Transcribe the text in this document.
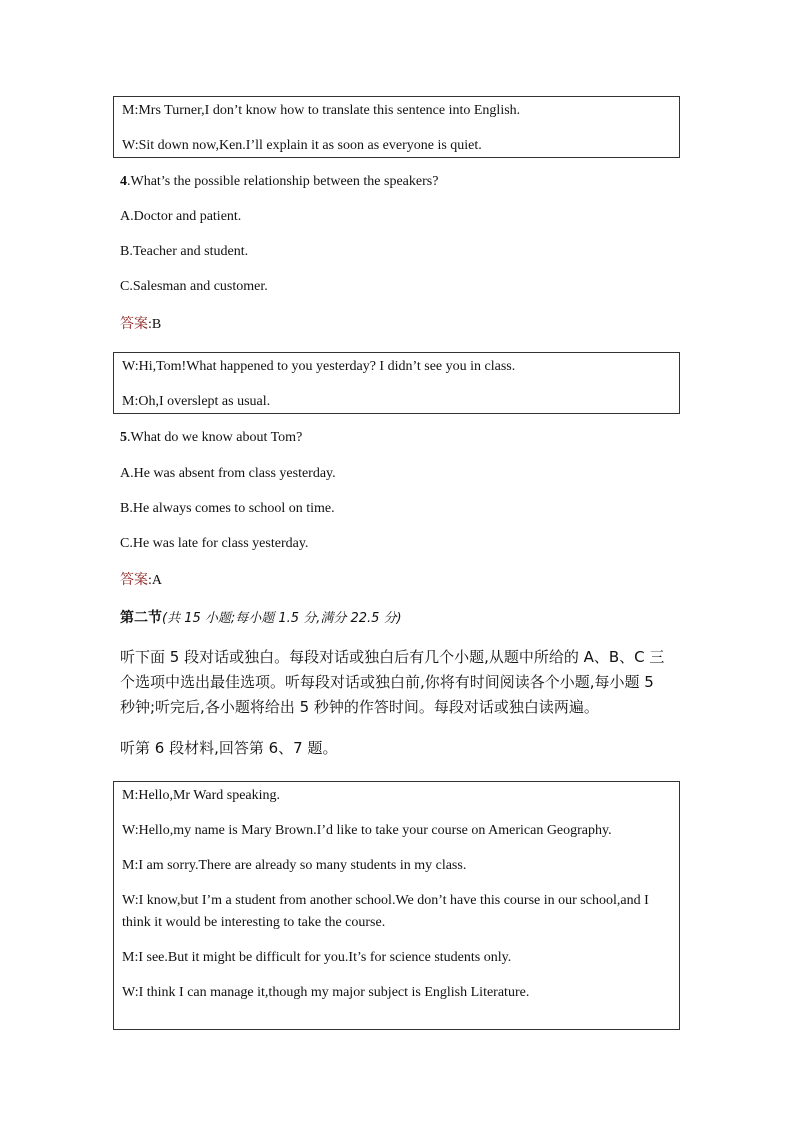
M:Mrs Turner,I don’t know how to translate this sentence into English.

W:Sit down now,Ken.I’ll explain it as soon as everyone is quiet.

4.What’s the possible relationship between the speakers?

A.Doctor and patient.

B.Teacher and student.

C.Salesman and customer.

答案:B

W:Hi,Tom!What happened to you yesterday? I didn’t see you in class.

M:Oh,I overslept as usual.

5.What do we know about Tom?

A.He was absent from class yesterday.

B.He always comes to school on time.

C.He was late for class yesterday.

答案:A

第二节(共 15 小题;每小题 1.5 分,满分 22.5 分)

听下面 5 段对话或独白。每段对话或独白后有几个小题,从题中所给的 A、B、C 三个选项中选出最佳选项。听每段对话或独白前,你将有时间阅读各个小题,每小题 5 秒钟;听完后,各小题将给出 5 秒钟的作答时间。每段对话或独白读两遍。

听第 6 段材料,回答第 6、7 题。

M:Hello,Mr Ward speaking.

W:Hello,my name is Mary Brown.I’d like to take your course on American Geography.

M:I am sorry.There are already so many students in my class.

W:I know,but I’m a student from another school.We don’t have this course in our school,and I think it would be interesting to take the course.

M:I see.But it might be difficult for you.It’s for science students only.

W:I think I can manage it,though my major subject is English Literature.
